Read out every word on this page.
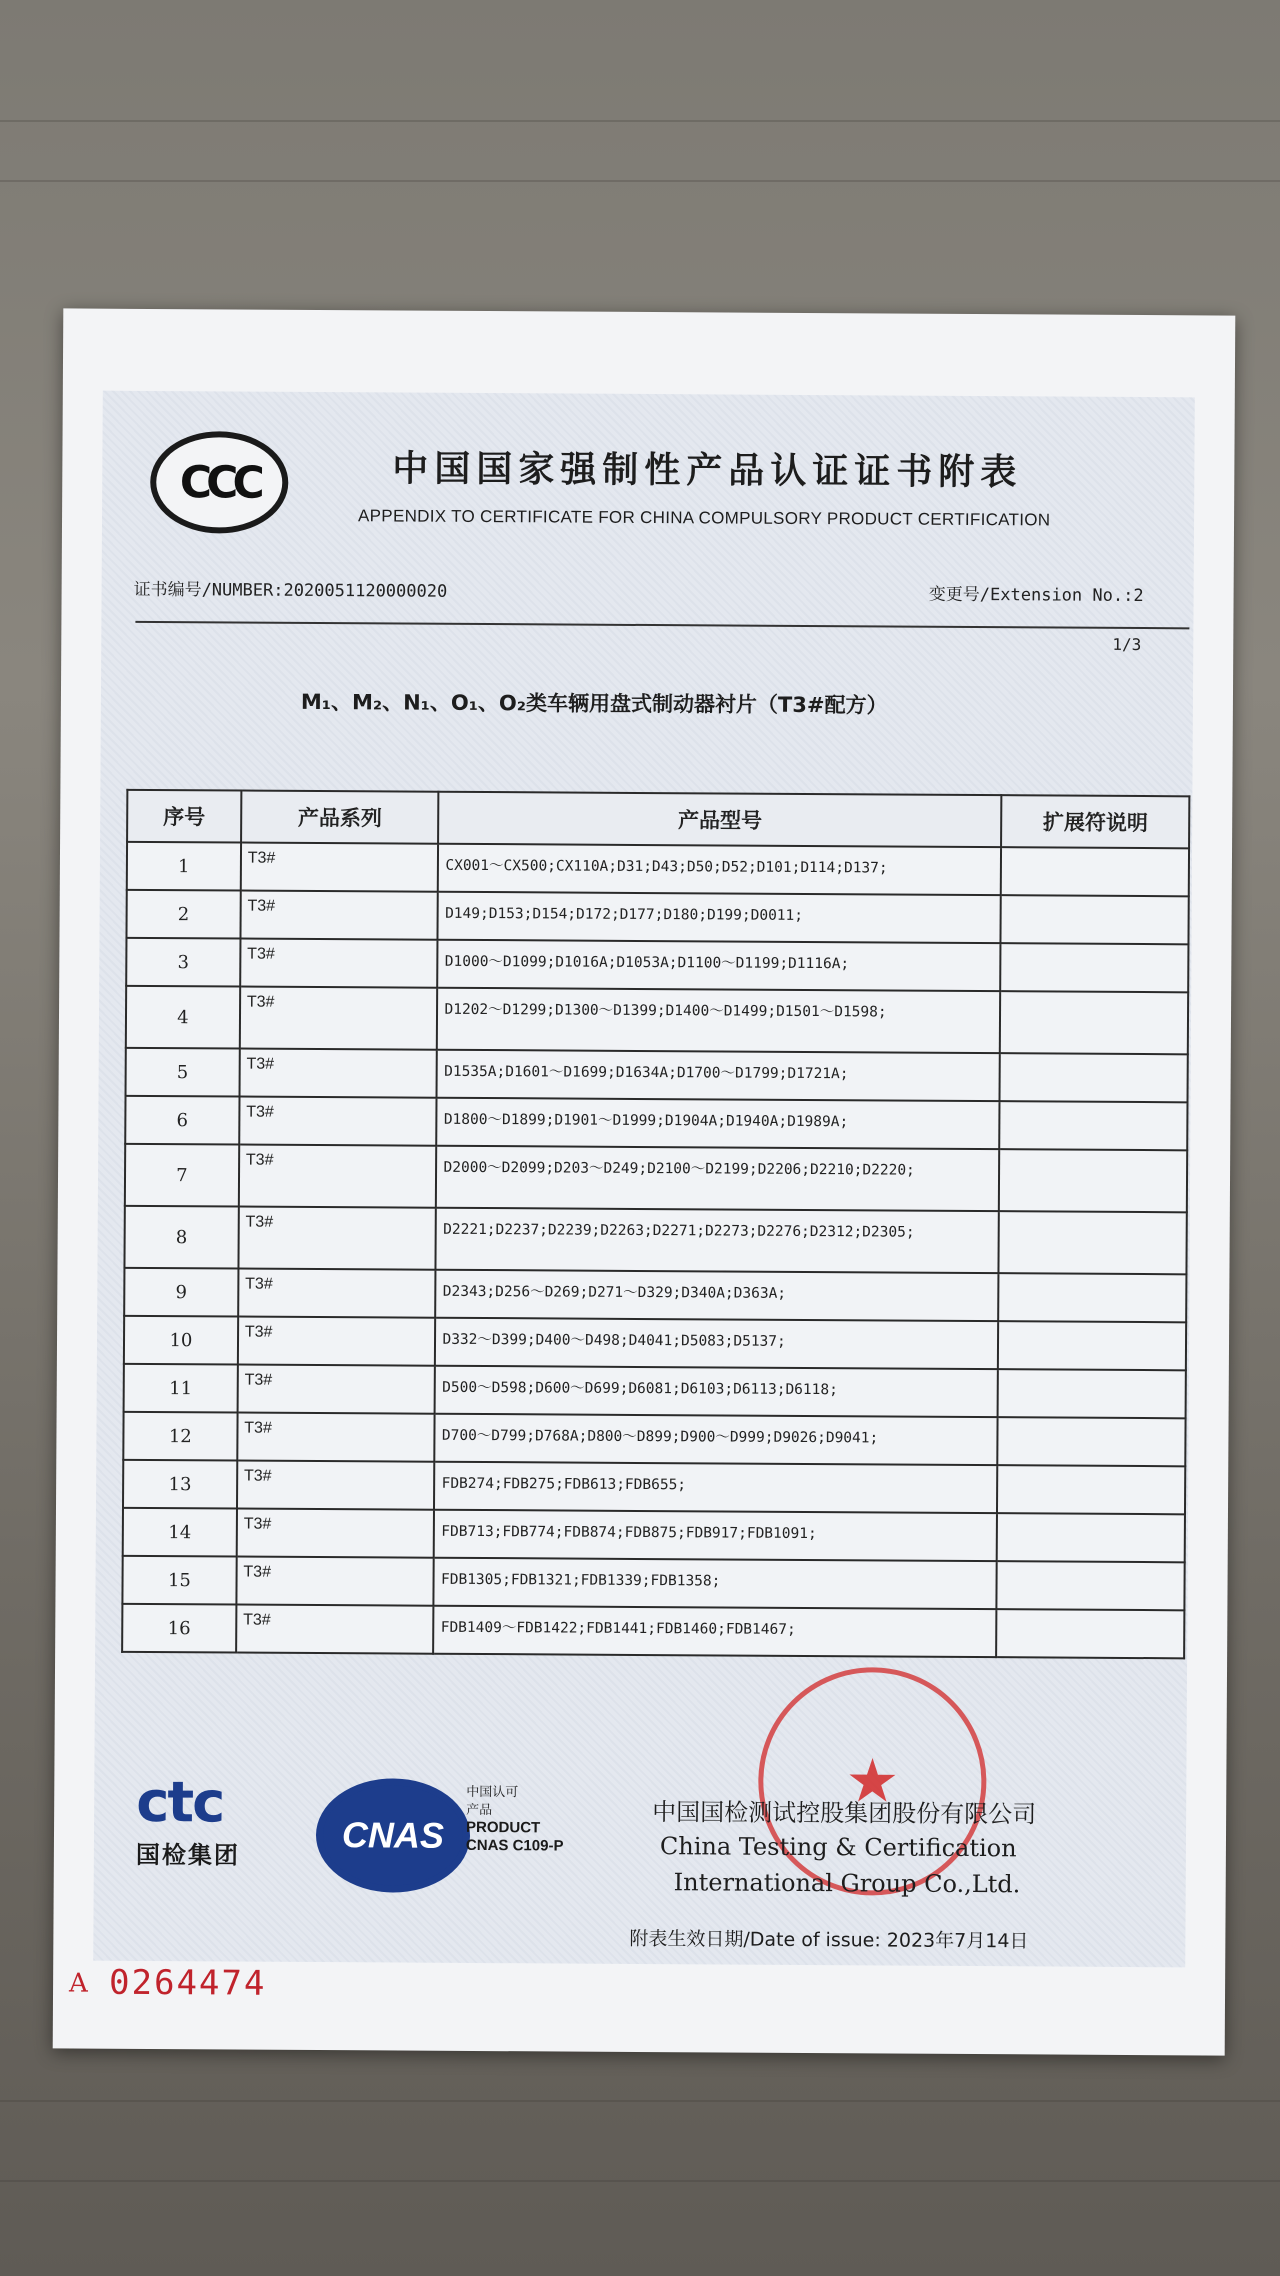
CCC	中国国家强制性产品认证证书附表
APPENDIX TO CERTIFICATE FOR CHINA COMPULSORY PRODUCT CERTIFICATION
证书编号/NUMBER:2020051120000020	变更号/Extension No.:2
1/3
M₁、M₂、N₁、O₁、O₂类车辆用盘式制动器衬片（T3#配方）
序号	产品系列	产品型号	扩展符说明
1	T3#	CX001～CX500;CX110A;D31;D43;D50;D52;D101;D114;D137;	
2	T3#	D149;D153;D154;D172;D177;D180;D199;D0011;	
3	T3#	D1000～D1099;D1016A;D1053A;D1100～D1199;D1116A;	
4	T3#	D1202～D1299;D1300～D1399;D1400～D1499;D1501～D1598;	
5	T3#	D1535A;D1601～D1699;D1634A;D1700～D1799;D1721A;	
6	T3#	D1800～D1899;D1901～D1999;D1904A;D1940A;D1989A;	
7	T3#	D2000～D2099;D203～D249;D2100～D2199;D2206;D2210;D2220;	
8	T3#	D2221;D2237;D2239;D2263;D2271;D2273;D2276;D2312;D2305;	
9	T3#	D2343;D256～D269;D271～D329;D340A;D363A;	
10	T3#	D332～D399;D400～D498;D4041;D5083;D5137;	
11	T3#	D500～D598;D600～D699;D6081;D6103;D6113;D6118;	
12	T3#	D700～D799;D768A;D800～D899;D900～D999;D9026;D9041;	
13	T3#	FDB274;FDB275;FDB613;FDB655;	
14	T3#	FDB713;FDB774;FDB874;FDB875;FDB917;FDB1091;	
15	T3#	FDB1305;FDB1321;FDB1339;FDB1358;	
16	T3#	FDB1409～FDB1422;FDB1441;FDB1460;FDB1467;	
ctc
国检集团	CNAS
中国认可
产品
PRODUCT
CNAS C109-P
★
中国国检测试控股集团股份有限公司
China Testing & Certification
International Group Co.,Ltd.
附表生效日期/Date of issue: 2023年7月14日
A 0264474
